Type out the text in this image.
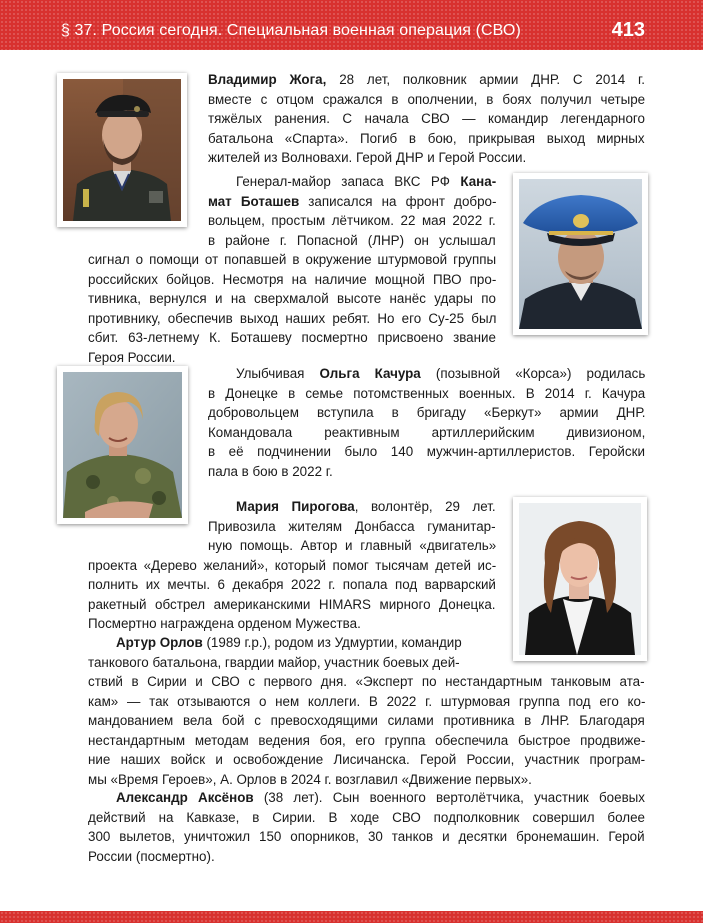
§ 37. Россия сегодня. Специальная военная операция (СВО)	413
Владимир Жога, 28 лет, полковник армии ДНР. С 2014 г.
вместе с отцом сражался в ополчении, в боях получил четыре
тяжёлых ранения. С начала СВО — командир легендарного
батальона «Спарта». Погиб в бою, прикрывая выход мирных
жителей из Волновахи. Герой ДНР и Герой России.
Генерал-майор запаса ВКС РФ Кана-
мат Боташев записался на фронт добро-
вольцем, простым лётчиком. 22 мая 2022 г.
в районе г. Попасной (ЛНР) он услышал
сигнал о помощи от попавшей в окружение штурмовой группы
российских бойцов. Несмотря на наличие мощной ПВО про-
тивника, вернулся и на сверхмалой высоте нанёс удары по
противнику, обеспечив выход наших ребят. Но его Су-25 был
сбит. 63-летнему К. Боташеву посмертно присвоено звание
Героя России.
Улыбчивая Ольга Качура (позывной «Корса») родилась
в Донецке в семье потомственных военных. В 2014 г. Качура
добровольцем вступила в бригаду «Беркут» армии ДНР.
Командовала реактивным артиллерийским дивизионом,
в её подчинении было 140 мужчин-артиллеристов. Геройски
пала в бою в 2022 г.
Мария Пирогова, волонтёр, 29 лет.
Привозила жителям Донбасса гуманитар-
ную помощь. Автор и главный «двигатель»
проекта «Дерево желаний», который помог тысячам детей ис-
полнить их мечты. 6 декабря 2022 г. попала под варварский
ракетный обстрел американскими HIMARS мирного Донецка.
Посмертно награждена орденом Мужества.
Артур Орлов (1989 г.р.), родом из Удмуртии, командир
танкового батальона, гвардии майор, участник боевых дей-
ствий в Сирии и СВО с первого дня. «Эксперт по нестандартным танковым ата-
кам» — так отзываются о нем коллеги. В 2022 г. штурмовая группа под его ко-
мандованием вела бой с превосходящими силами противника в ЛНР. Благодаря
нестандартным методам ведения боя, его группа обеспечила быстрое продвиже-
ние наших войск и освобождение Лисичанска. Герой России, участник програм-
мы «Время Героев», А. Орлов в 2024 г. возглавил «Движение первых».
Александр Аксёнов (38 лет). Сын военного вертолётчика, участник боевых
действий на Кавказе, в Сирии. В ходе СВО подполковник совершил более
300 вылетов, уничтожил 150 опорников, 30 танков и десятки бронемашин. Герой
России (посмертно).
